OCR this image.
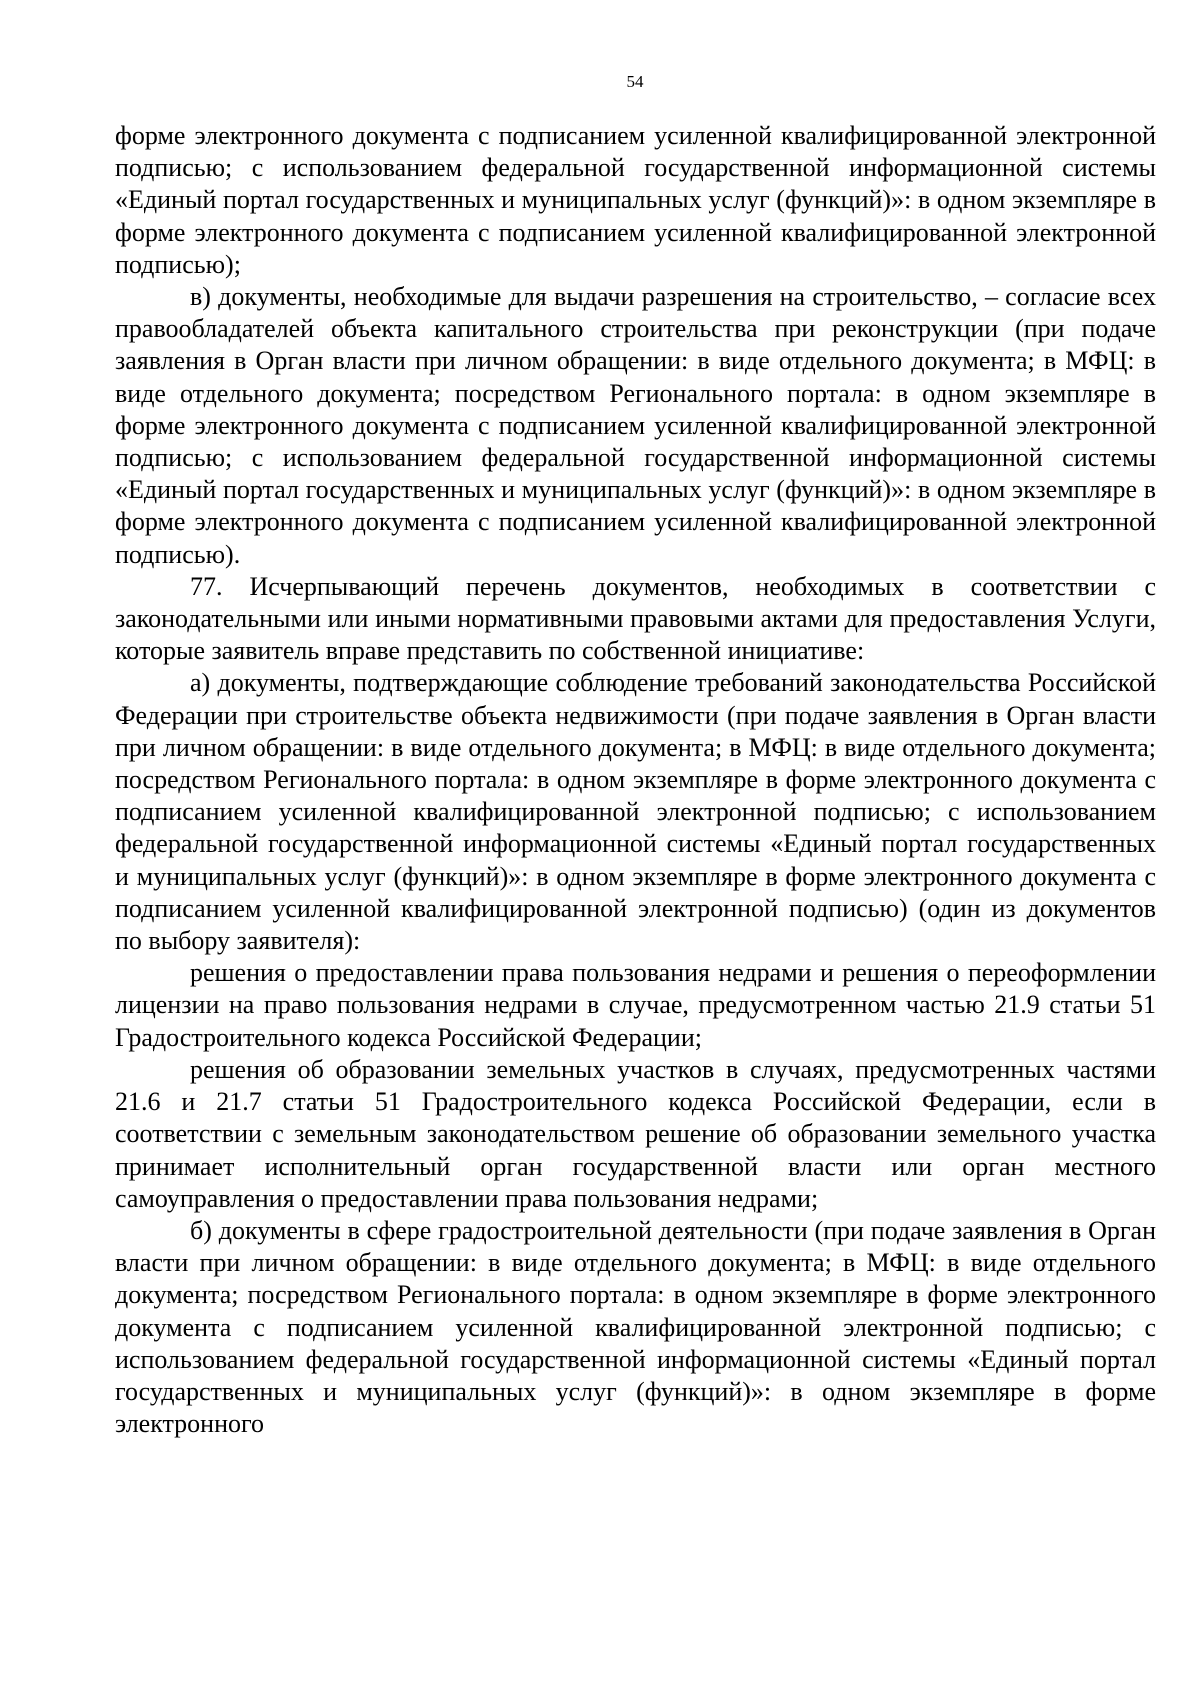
54

форме электронного документа с подписанием усиленной квалифицированной электронной подписью; с использованием федеральной государственной информационной системы «Единый портал государственных и муниципальных услуг (функций)»: в одном экземпляре в форме электронного документа с подписанием усиленной квалифицированной электронной подписью);

в) документы, необходимые для выдачи разрешения на строительство, – согласие всех правообладателей объекта капитального строительства при реконструкции (при подаче заявления в Орган власти при личном обращении: в виде отдельного документа; в МФЦ: в виде отдельного документа; посредством Регионального портала: в одном экземпляре в форме электронного документа с подписанием усиленной квалифицированной электронной подписью; с использованием федеральной государственной информационной системы «Единый портал государственных и муниципальных услуг (функций)»: в одном экземпляре в форме электронного документа с подписанием усиленной квалифицированной электронной подписью).

77. Исчерпывающий перечень документов, необходимых в соответствии с законодательными или иными нормативными правовыми актами для предоставления Услуги, которые заявитель вправе представить по собственной инициативе:

а) документы, подтверждающие соблюдение требований законодательства Российской Федерации при строительстве объекта недвижимости (при подаче заявления в Орган власти при личном обращении: в виде отдельного документа; в МФЦ: в виде отдельного документа; посредством Регионального портала: в одном экземпляре в форме электронного документа с подписанием усиленной квалифицированной электронной подписью; с использованием федеральной государственной информационной системы «Единый портал государственных и муниципальных услуг (функций)»: в одном экземпляре в форме электронного документа с подписанием усиленной квалифицированной электронной подписью) (один из документов по выбору заявителя):

решения о предоставлении права пользования недрами и решения о переоформлении лицензии на право пользования недрами в случае, предусмотренном частью 21.9 статьи 51 Градостроительного кодекса Российской Федерации;

решения об образовании земельных участков в случаях, предусмотренных частями 21.6 и 21.7 статьи 51 Градостроительного кодекса Российской Федерации, если в соответствии с земельным законодательством решение об образовании земельного участка принимает исполнительный орган государственной власти или орган местного самоуправления о предоставлении права пользования недрами;

б) документы в сфере градостроительной деятельности (при подаче заявления в Орган власти при личном обращении: в виде отдельного документа; в МФЦ: в виде отдельного документа; посредством Регионального портала: в одном экземпляре в форме электронного документа с подписанием усиленной квалифицированной электронной подписью; с использованием федеральной государственной информационной системы «Единый портал государственных и муниципальных услуг (функций)»: в одном экземпляре в форме электронного
